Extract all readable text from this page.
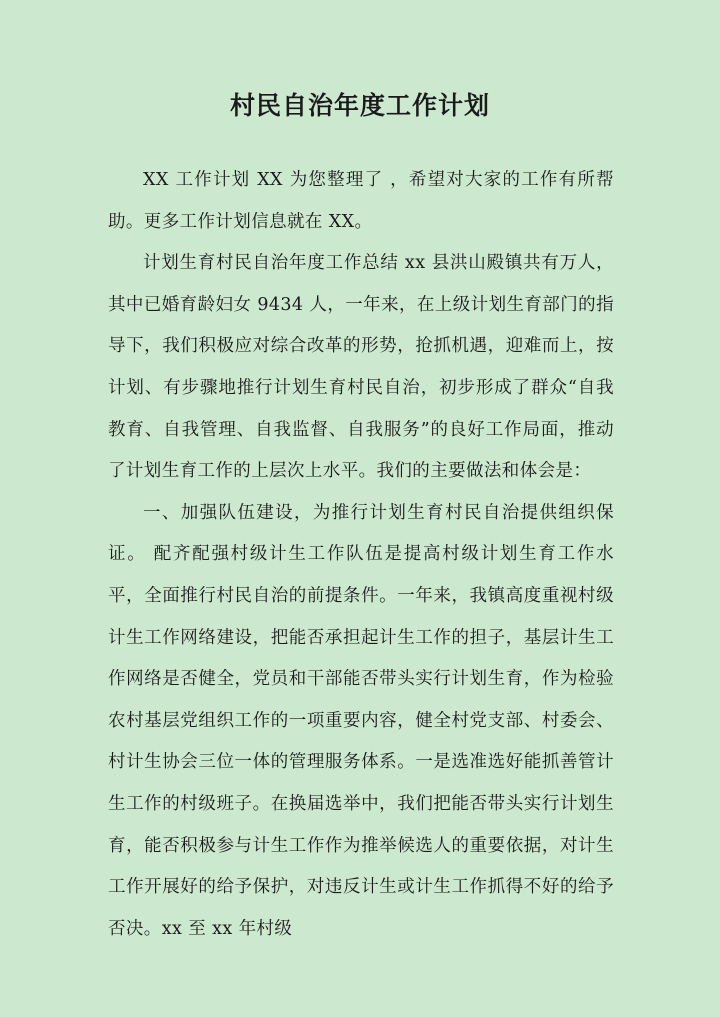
村民自治年度工作计划

XX 工作计划 XX 为您整理了 ，希望对大家的工作有所帮助。更多工作计划信息就在 XX。

计划生育村民自治年度工作总结 xx 县洪山殿镇共有万人，其中已婚育龄妇女 9434 人，一年来，在上级计划生育部门的指导下，我们积极应对综合改革的形势，抢抓机遇，迎难而上，按计划、有步骤地推行计划生育村民自治，初步形成了群众“自我教育、自我管理、自我监督、自我服务”的良好工作局面，推动了计划生育工作的上层次上水平。我们的主要做法和体会是：

一、加强队伍建设，为推行计划生育村民自治提供组织保证。 配齐配强村级计生工作队伍是提高村级计划生育工作水平，全面推行村民自治的前提条件。一年来，我镇高度重视村级计生工作网络建设，把能否承担起计生工作的担子，基层计生工作网络是否健全，党员和干部能否带头实行计划生育，作为检验农村基层党组织工作的一项重要内容，健全村党支部、村委会、村计生协会三位一体的管理服务体系。一是选准选好能抓善管计生工作的村级班子。在换届选举中，我们把能否带头实行计划生育，能否积极参与计生工作作为推举候选人的重要依据，对计生工作开展好的给予保护，对违反计生或计生工作抓得不好的给予否决。xx 至 xx 年村级
